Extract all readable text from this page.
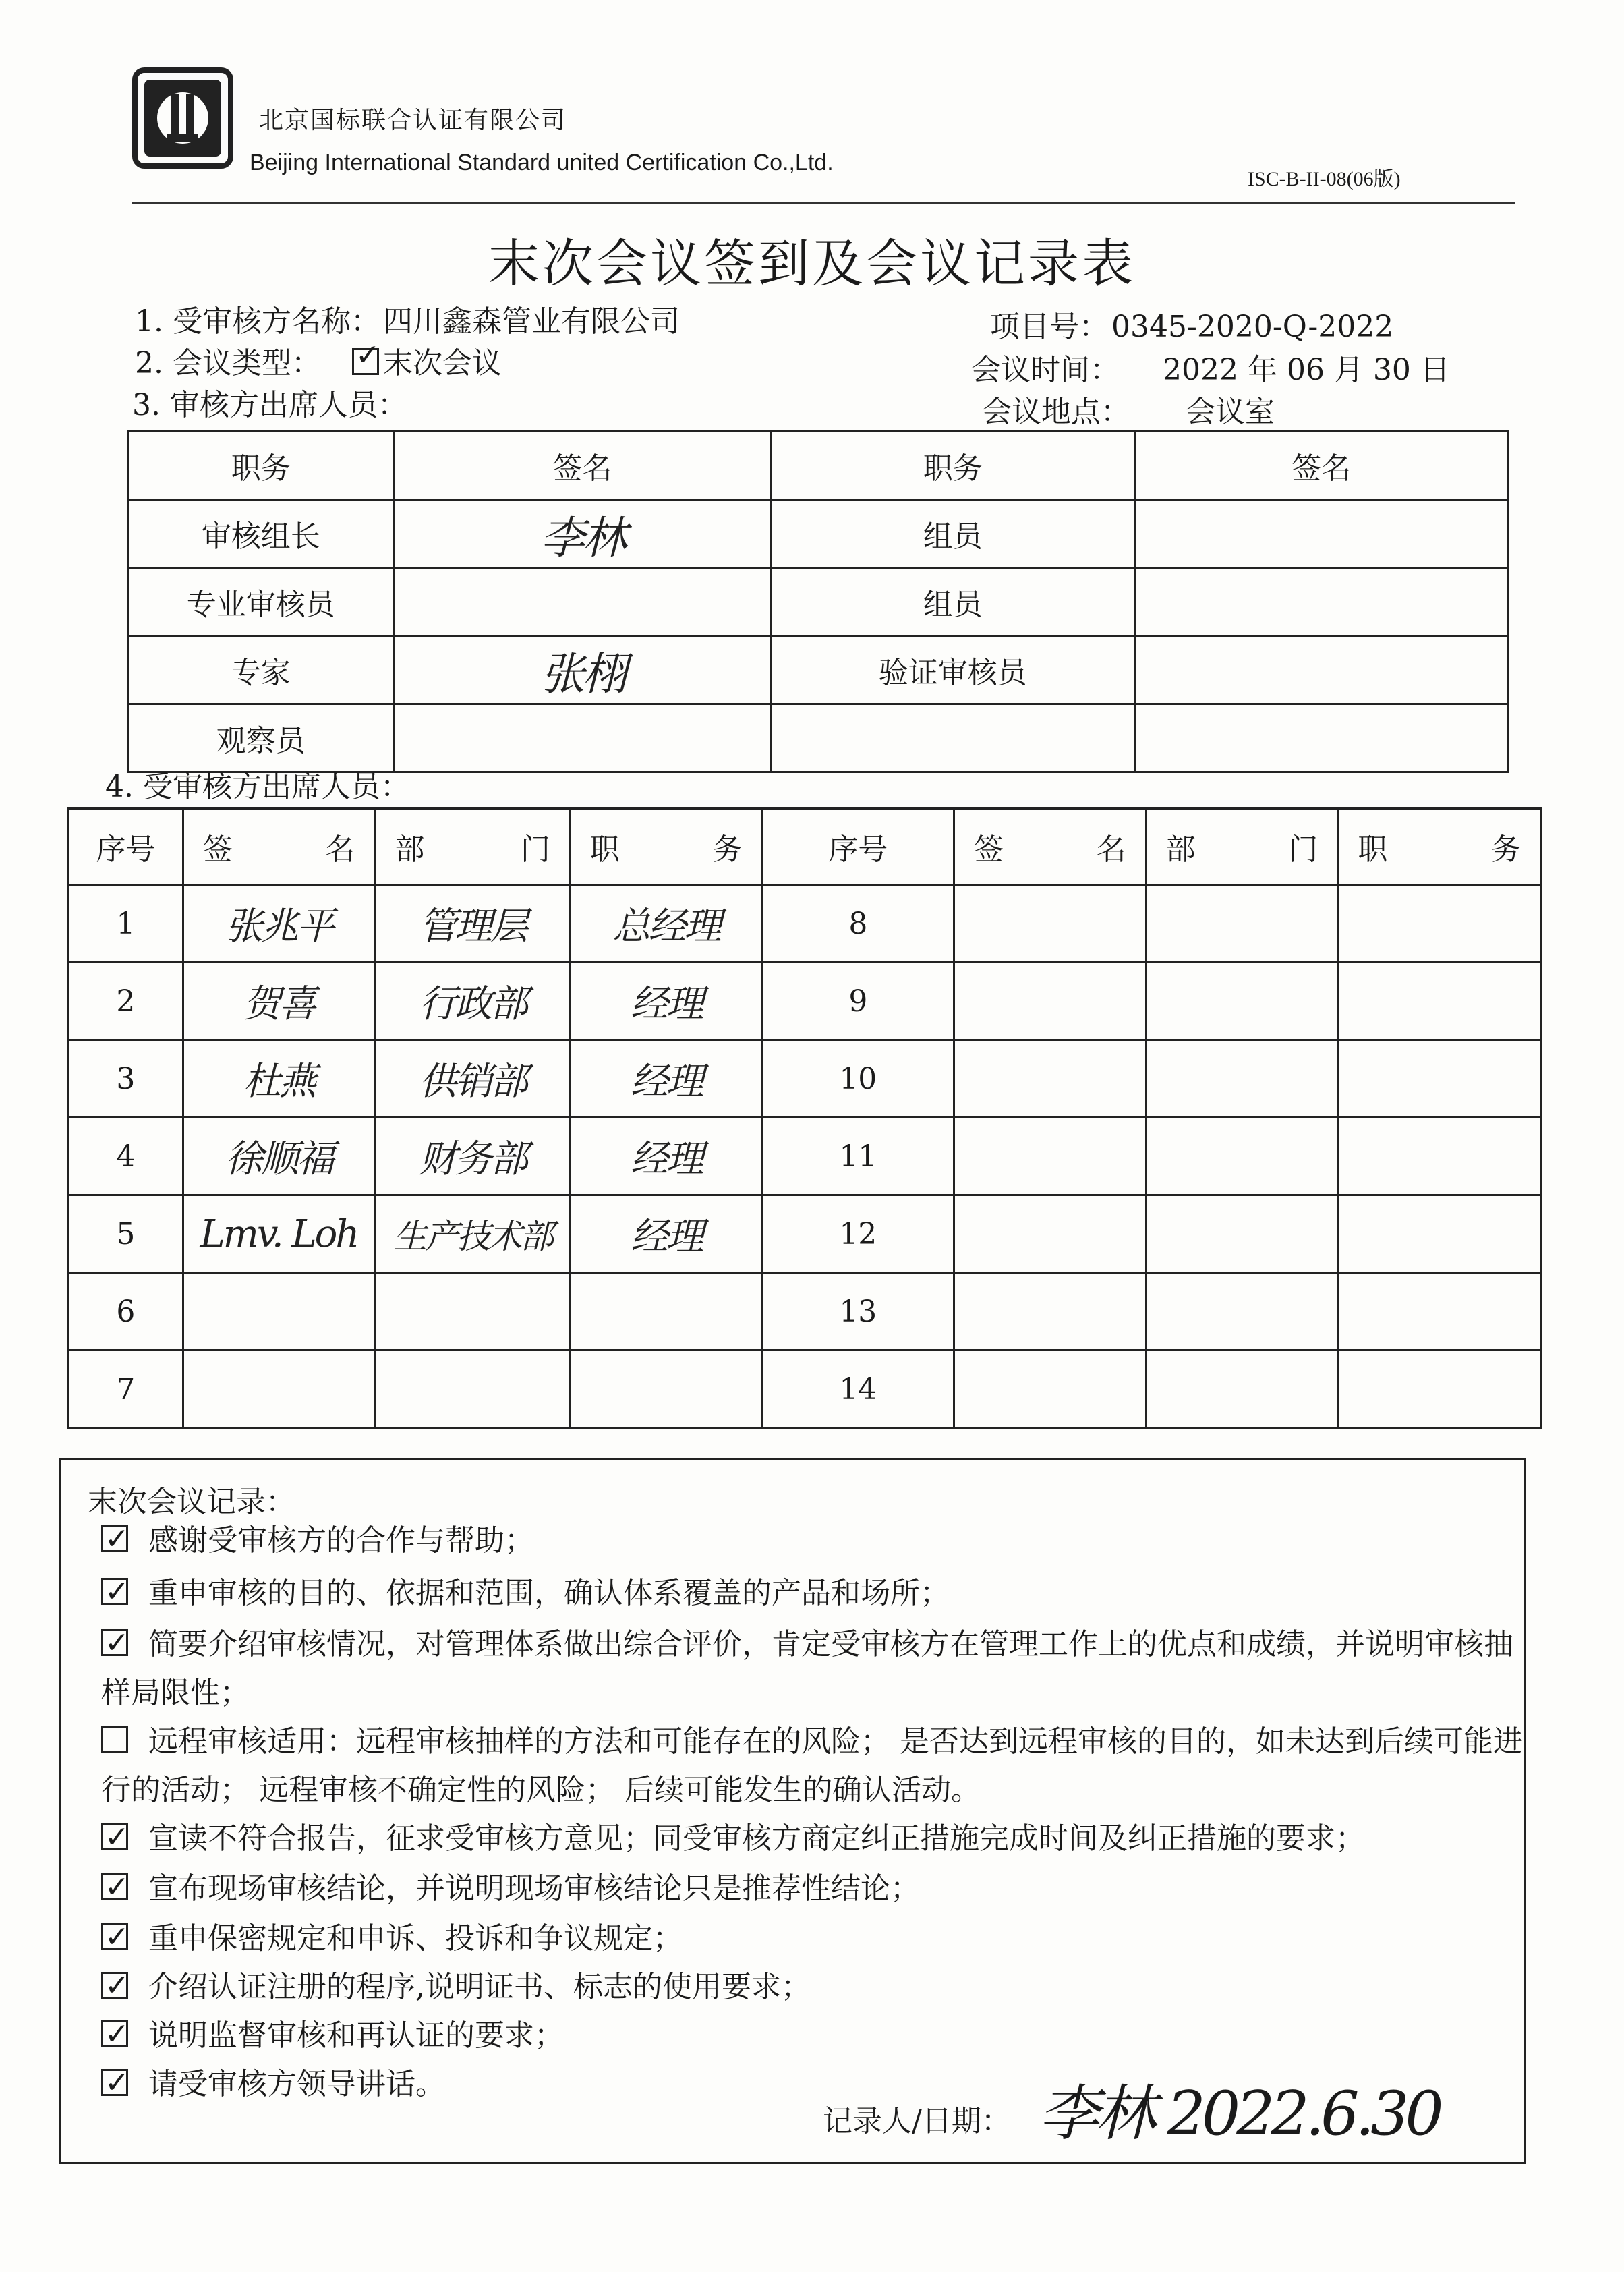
北京国标联合认证有限公司
Beijing International Standard united Certification Co.,Ltd.
ISC-B-II-08(06版)
末次会议签到及会议记录表
1. 受审核方名称：四川鑫森管业有限公司	项目号：0345-2020-Q-2022
2. 会议类型： ✓ 末次会议	会议时间： 2022 年 06 月 30 日
3. 审核方出席人员：	会议地点： 会议室
职务	签名	职务	签名
审核组长	李林	组员	
专业审核员		组员	
专家	张栩	验证审核员	
观察员			
4. 受审核方出席人员：
序号	签 名	部 门	职 务	序号	签 名	部 门	职 务

1	张兆平	管理层	总经理	8			
2	贺喜	行政部	经理	9			
3	杜燕	供销部	经理	10			
4	徐顺福	财务部	经理	11			
5	Lmv. Loh	生产技术部	经理	12			
6				13			
7				14			
末次会议记录：
✓感谢受审核方的合作与帮助；
✓重申审核的目的、依据和范围，确认体系覆盖的产品和场所；
✓简要介绍审核情况，对管理体系做出综合评价，肯定受审核方在管理工作上的优点和成绩，并说明审核抽样局限性；
远程审核适用：远程审核抽样的方法和可能存在的风险； 是否达到远程审核的目的，如未达到后续可能进行的活动； 远程审核不确定性的风险； 后续可能发生的确认活动。
✓宣读不符合报告，征求受审核方意见；同受审核方商定纠正措施完成时间及纠正措施的要求；
✓宣布现场审核结论，并说明现场审核结论只是推荐性结论；
✓重申保密规定和申诉、投诉和争议规定；
✓介绍认证注册的程序,说明证书、标志的使用要求；
✓说明监督审核和再认证的要求；
✓请受审核方领导讲话。
记录人/日期： 李林 2022.6.30
